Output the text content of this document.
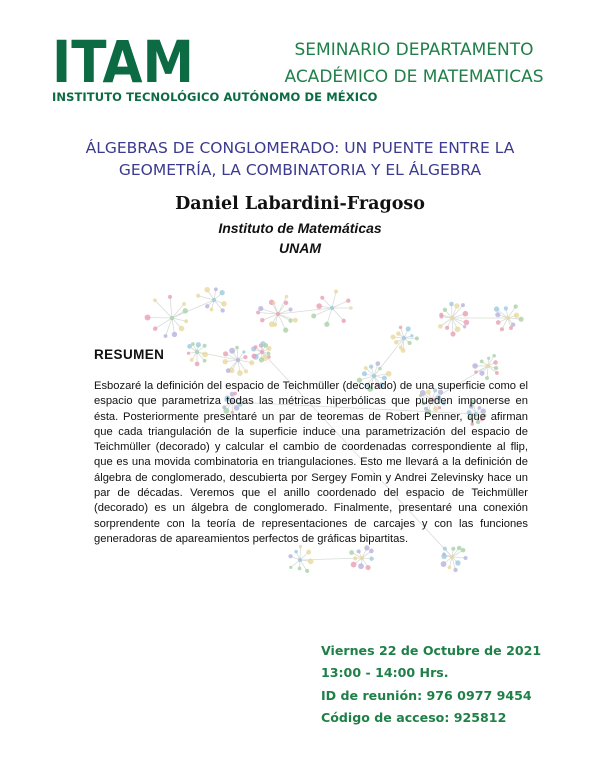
ITAM
INSTITUTO TECNOLÓGICO AUTÓNOMO DE MÉXICO
SEMINARIO DEPARTAMENTO
ACADÉMICO DE MATEMATICAS
ÁLGEBRAS DE CONGLOMERADO: UN PUENTE ENTRE LA
GEOMETRÍA, LA COMBINATORIA Y EL ÁLGEBRA
Daniel Labardini-Fragoso
Instituto de Matemáticas
UNAM
RESUMEN

Esbozaré la definición del espacio de Teichmüller (decorado) de una superficie como el espacio que parametriza todas las métricas hiperbólicas que pueden imponerse en ésta. Posteriormente presentaré un par de teoremas de Robert Penner, que afirman que cada triangulación de la superficie induce una parametrización del espacio de Teichmüller (decorado) y calcular el cambio de coordenadas correspondiente al flip, que es una movida combinatoria en triangulaciones. Esto me llevará a la definición de álgebra de conglomerado, descubierta por Sergey Fomin y Andrei Zelevinsky hace un par de décadas. Veremos que el anillo coordenado del espacio de Teichmüller (decorado) es un álgebra de conglomerado. Finalmente, presentaré una conexión sorprendente con la teoría de representaciones de carcajes y con las funciones generadoras de apareamientos perfectos de gráficas bipartitas.

Viernes 22 de Octubre de 2021
13:00 - 14:00 Hrs.
ID de reunión: 976 0977 9454
Código de acceso: 925812
